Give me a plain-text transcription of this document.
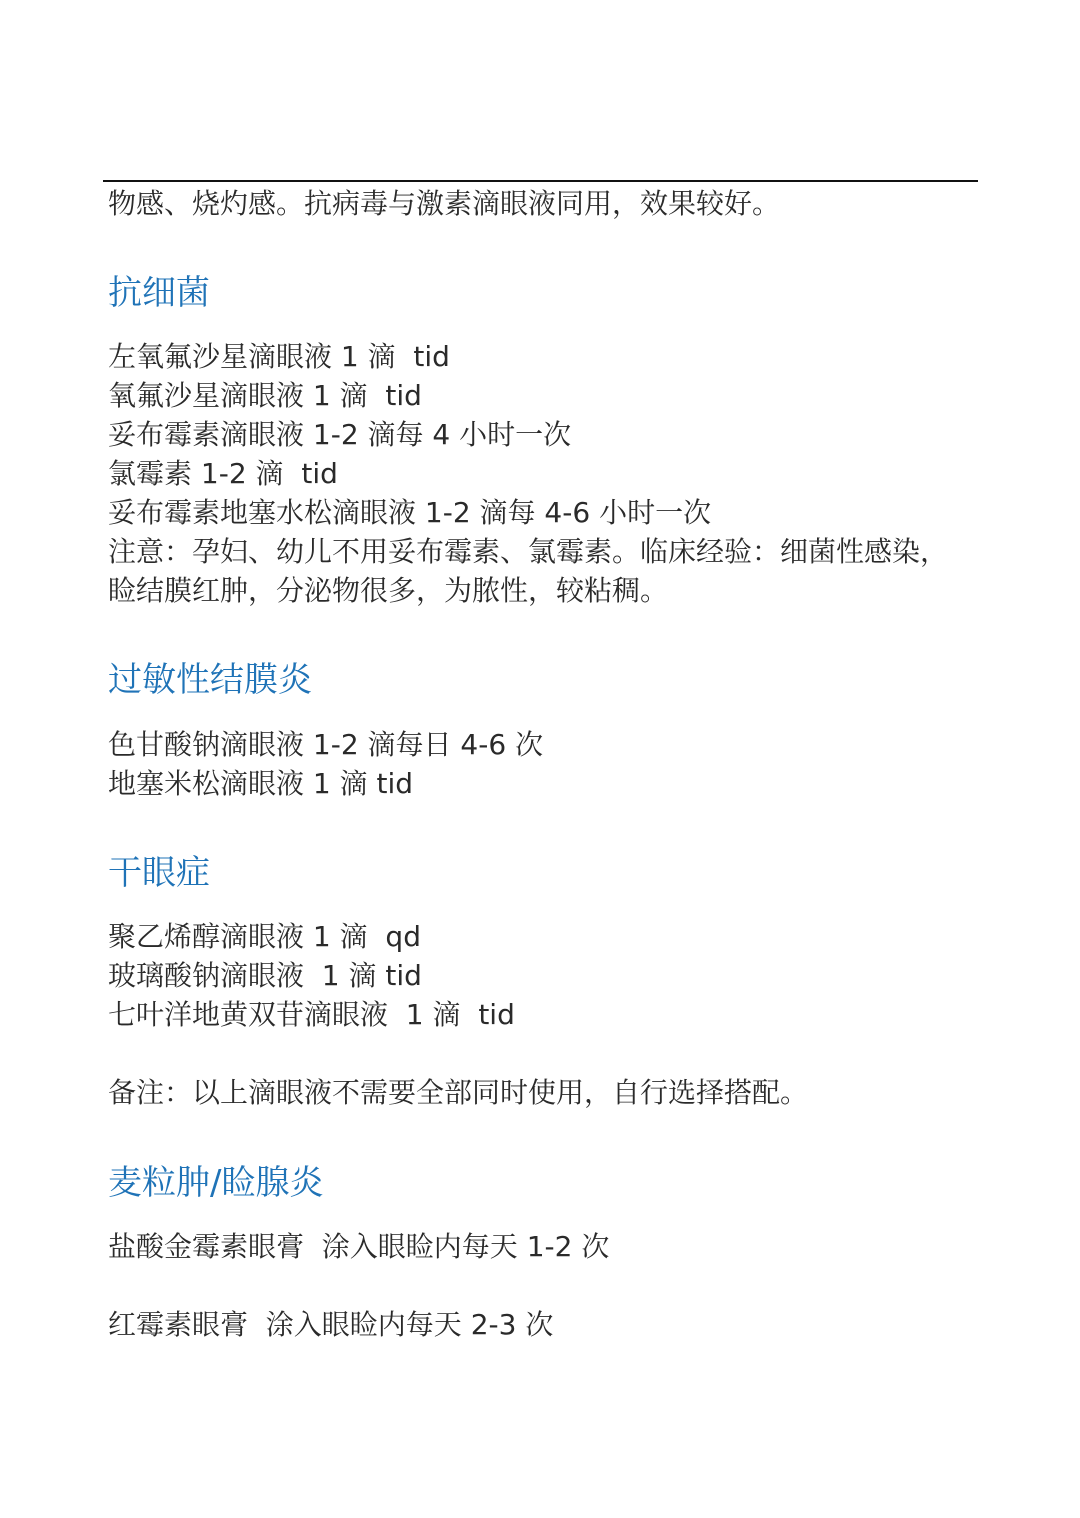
物感、烧灼感。抗病毒与激素滴眼液同用，效果较好。
抗细菌
左氧氟沙星滴眼液 1 滴  tid
氧氟沙星滴眼液 1 滴  tid
妥布霉素滴眼液 1-2 滴每 4 小时一次
氯霉素 1-2 滴  tid
妥布霉素地塞水松滴眼液 1-2 滴每 4-6 小时一次
注意：孕妇、幼儿不用妥布霉素、氯霉素。临床经验：细菌性感染，
睑结膜红肿，分泌物很多，为脓性，较粘稠。
过敏性结膜炎
色甘酸钠滴眼液 1-2 滴每日 4-6 次
地塞米松滴眼液 1 滴 tid
干眼症
聚乙烯醇滴眼液 1 滴  qd
玻璃酸钠滴眼液  1 滴 tid
七叶洋地黄双苷滴眼液  1 滴  tid
备注：以上滴眼液不需要全部同时使用，自行选择搭配。
麦粒肿/睑腺炎
盐酸金霉素眼膏  涂入眼睑内每天 1-2 次
红霉素眼膏  涂入眼睑内每天 2-3 次
